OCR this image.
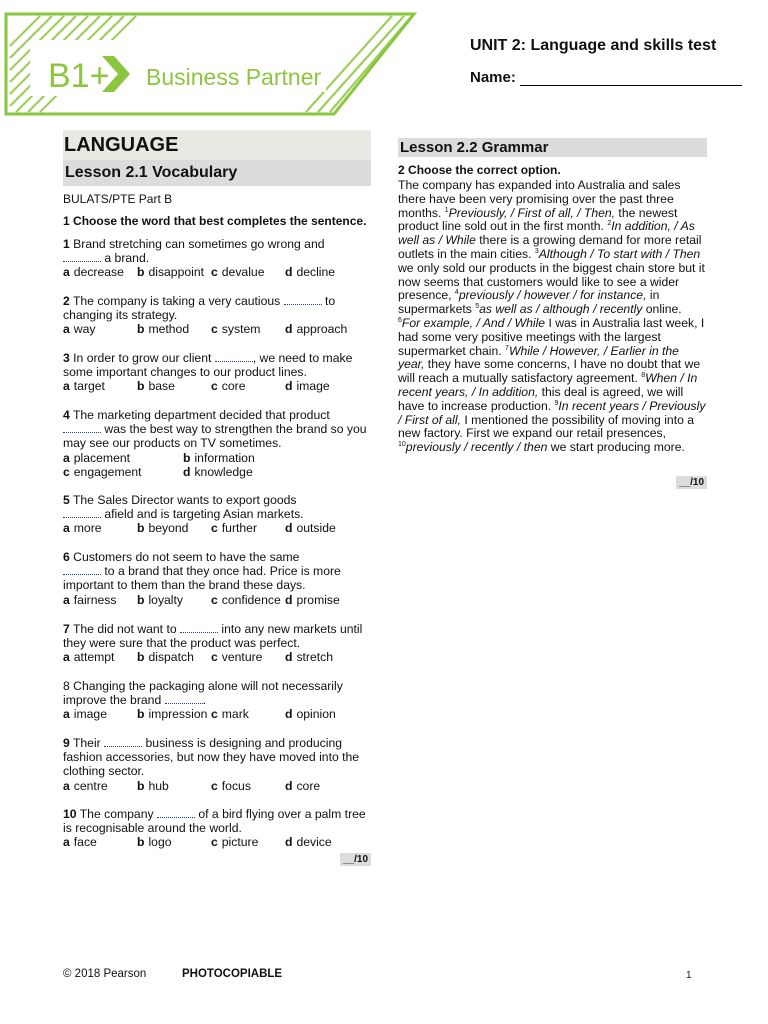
B1+ Business Partner
UNIT 2: Language and skills test
Name:
LANGUAGE
Lesson 2.1 Vocabulary
BULATS/PTE Part B
1 Choose the word that best completes the sentence.
1 Brand stretching can sometimes go wrong and
a brand.
a decrease	b disappoint c devalue	d decline
2 The company is taking a very cautious	to changing its strategy.
a way	b method	c system	d approach
3 In order to grow our client	, we need to make some important changes to our product lines.
a target	b base	c core	d image
4 The marketing department decided that product
was the best way to strengthen the brand so you may see our products on TV sometimes.
a placement	b information
c engagement	d knowledge
5 The Sales Director wants to export goods
afield and is targeting Asian markets.
a more	b beyond	c further	d outside
6 Customers do not seem to have the same
to a brand that they once had. Price is more important to them than the brand these days.
a fairness	b loyalty	c confidence d promise
7 The did not want to	into any new markets until they were sure that the product was perfect.
a attempt	b dispatch	c venture	d stretch
8 Changing the packaging alone will not necessarily improve the brand	.
a image	b impression c mark	d opinion
9 Their	business is designing and producing fashion accessories, but now they have moved into the clothing sector.
a centre	b hub	c focus	d core
10 The company	of a bird flying over a palm tree is recognisable around the world.
a face	b logo	c picture	d device
__/10
Lesson 2.2 Grammar
2 Choose the correct option.
The company has expanded into Australia and sales there have been very promising over the past three months. $^1$Previously, / First of all, / Then, the newest product line sold out in the first month. $^2$In addition, / As well as / While there is a growing demand for more retail outlets in the main cities. $^3$Although / To start with / Then we only sold our products in the biggest chain store but it now seems that customers would like to see a wider presence, $^4$previously / however / for instance, in supermarkets $^5$as well as / although / recently online. $^6$For example, / And / While I was in Australia last week, I had some very positive meetings with the largest supermarket chain. $^7$While / However, / Earlier in the year, they have some concerns, I have no doubt that we will reach a mutually satisfactory agreement. $^8$When / In recent years, / In addition, this deal is agreed, we will have to increase production. $^9$In recent years / Previously / First of all, I mentioned the possibility of moving into a new factory. First we expand our retail presences, $^{10}$previously / recently / then we start producing more.
__/10
© 2018 Pearson	PHOTOCOPIABLE	1
